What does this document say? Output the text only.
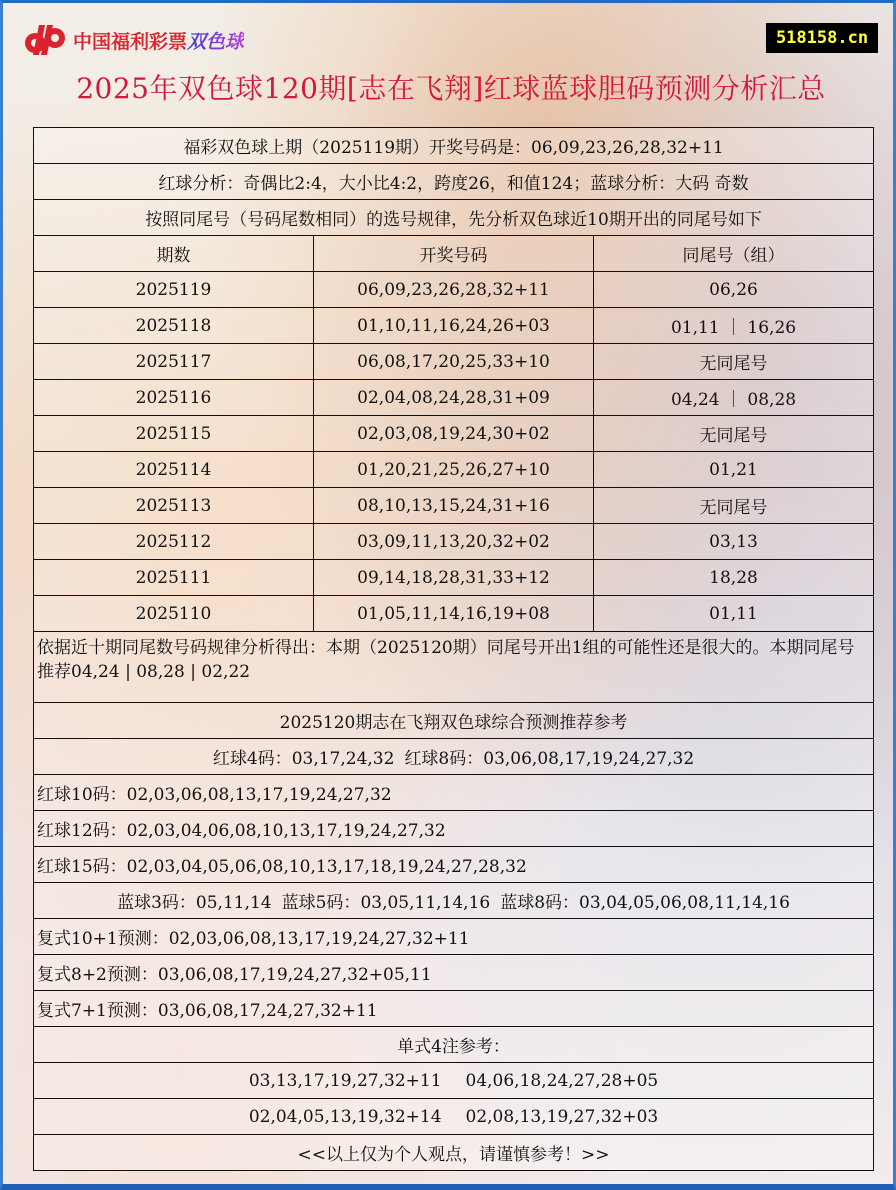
中国福利彩票 双色球	518158.cn
2025年双色球120期[志在飞翔]红球蓝球胆码预测分析汇总
福彩双色球上期（2025119期）开奖号码是：06,09,23,26,28,32+11		
红球分析：奇偶比2:4，大小比4:2，跨度26，和值124；蓝球分析：大码 奇数		
按照同尾号（号码尾数相同）的选号规律，先分析双色球近10期开出的同尾号如下		
期数	开奖号码	同尾号（组）
2025119	06,09,23,26,28,32+11	06,26
2025118	01,10,11,16,24,26+03	01,11 ｜ 16,26
2025117	06,08,17,20,25,33+10	无同尾号
2025116	02,04,08,24,28,31+09	04,24 ｜ 08,28
2025115	02,03,08,19,24,30+02	无同尾号
2025114	01,20,21,25,26,27+10	01,21
2025113	08,10,13,15,24,31+16	无同尾号
2025112	03,09,11,13,20,32+02	03,13
2025111	09,14,18,28,31,33+12	18,28
2025110	01,05,11,14,16,19+08	01,11
依据近十期同尾数号码规律分析得出：本期（2025120期）同尾号开出1组的可能性还是很大的。本期同尾号推荐04,24 | 08,28 | 02,22		
2025120期志在飞翔双色球综合预测推荐参考		
红球4码：03,17,24,32 红球8码：03,06,08,17,19,24,27,32		
红球10码：02,03,06,08,13,17,19,24,27,32		
红球12码：02,03,04,06,08,10,13,17,19,24,27,32		
红球15码：02,03,04,05,06,08,10,13,17,18,19,24,27,28,32		
蓝球3码：05,11,14 蓝球5码：03,05,11,14,16 蓝球8码：03,04,05,06,08,11,14,16		
复式10+1预测：02,03,06,08,13,17,19,24,27,32+11		
复式8+2预测：03,06,08,17,19,24,27,32+05,11		
复式7+1预测：03,06,08,17,24,27,32+11		
单式4注参考：		
03,13,17,19,27,32+11 04,06,18,24,27,28+05		
02,04,05,13,19,32+14 02,08,13,19,27,32+03		
<<以上仅为个人观点，请谨慎参考！>>		
